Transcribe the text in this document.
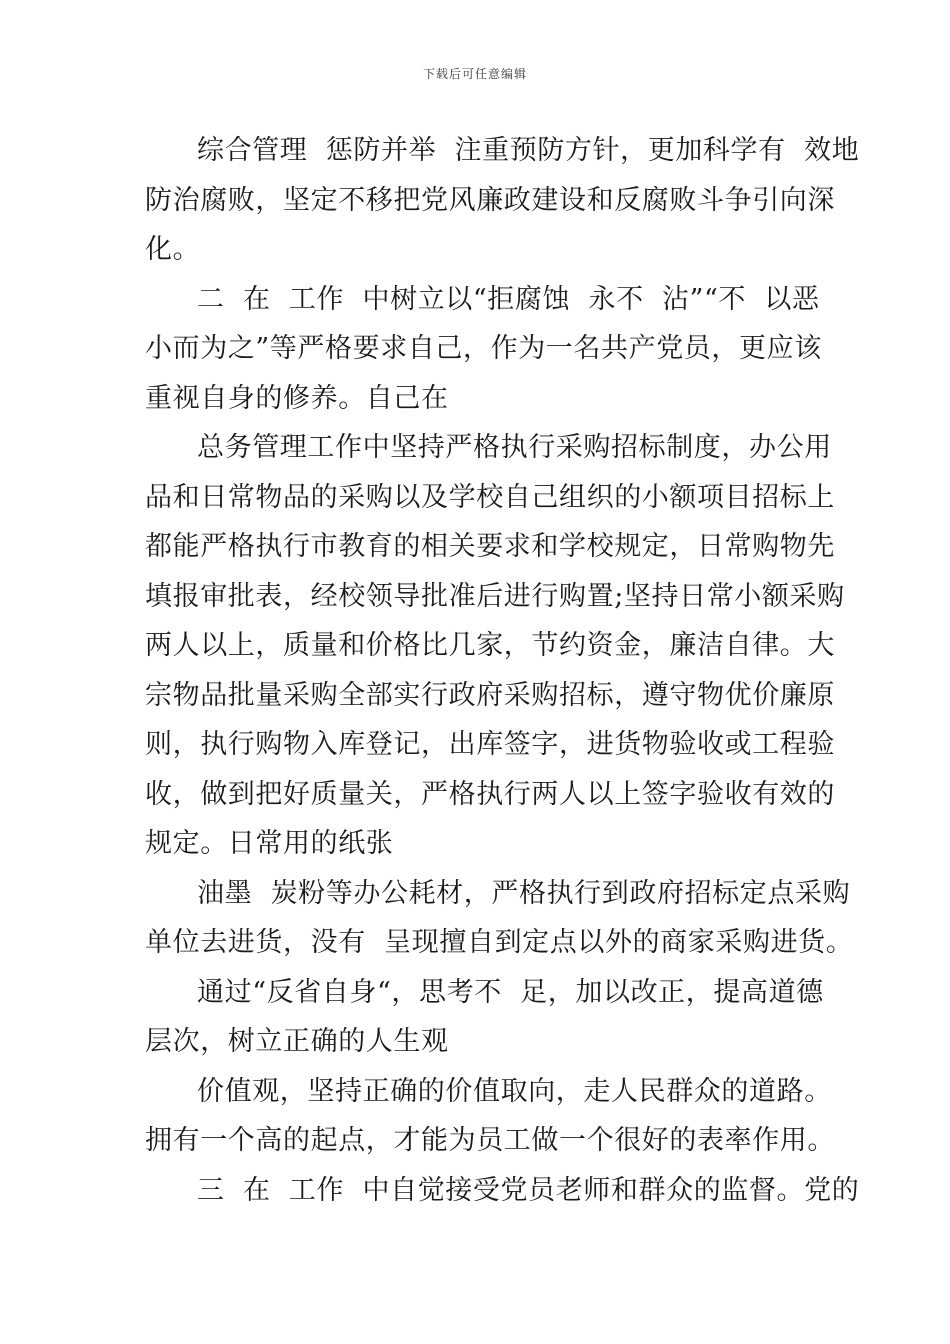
下载后可任意编辑
综合管理  惩防并举  注重预防方针，更加科学有  效地
防治腐败，坚定不移把党风廉政建设和反腐败斗争引向深
化。
二  在  工作  中树立以“拒腐蚀  永不  沾”“不  以恶
小而为之”等严格要求自己，作为一名共产党员，更应该
重视自身的修养。自己在
总务管理工作中坚持严格执行采购招标制度，办公用
品和日常物品的采购以及学校自己组织的小额项目招标上
都能严格执行市教育的相关要求和学校规定，日常购物先
填报审批表，经校领导批准后进行购置;坚持日常小额采购
两人以上，质量和价格比几家，节约资金，廉洁自律。大
宗物品批量采购全部实行政府采购招标，遵守物优价廉原
则，执行购物入库登记，出库签字，进货物验收或工程验
收，做到把好质量关，严格执行两人以上签字验收有效的
规定。日常用的纸张
油墨  炭粉等办公耗材，严格执行到政府招标定点采购
单位去进货，没有  呈现擅自到定点以外的商家采购进货。
通过“反省自身“，思考不  足，加以改正，提高道德
层次，树立正确的人生观
价值观，坚持正确的价值取向，走人民群众的道路。
拥有一个高的起点，才能为员工做一个很好的表率作用。
三  在  工作  中自觉接受党员老师和群众的监督。党的
